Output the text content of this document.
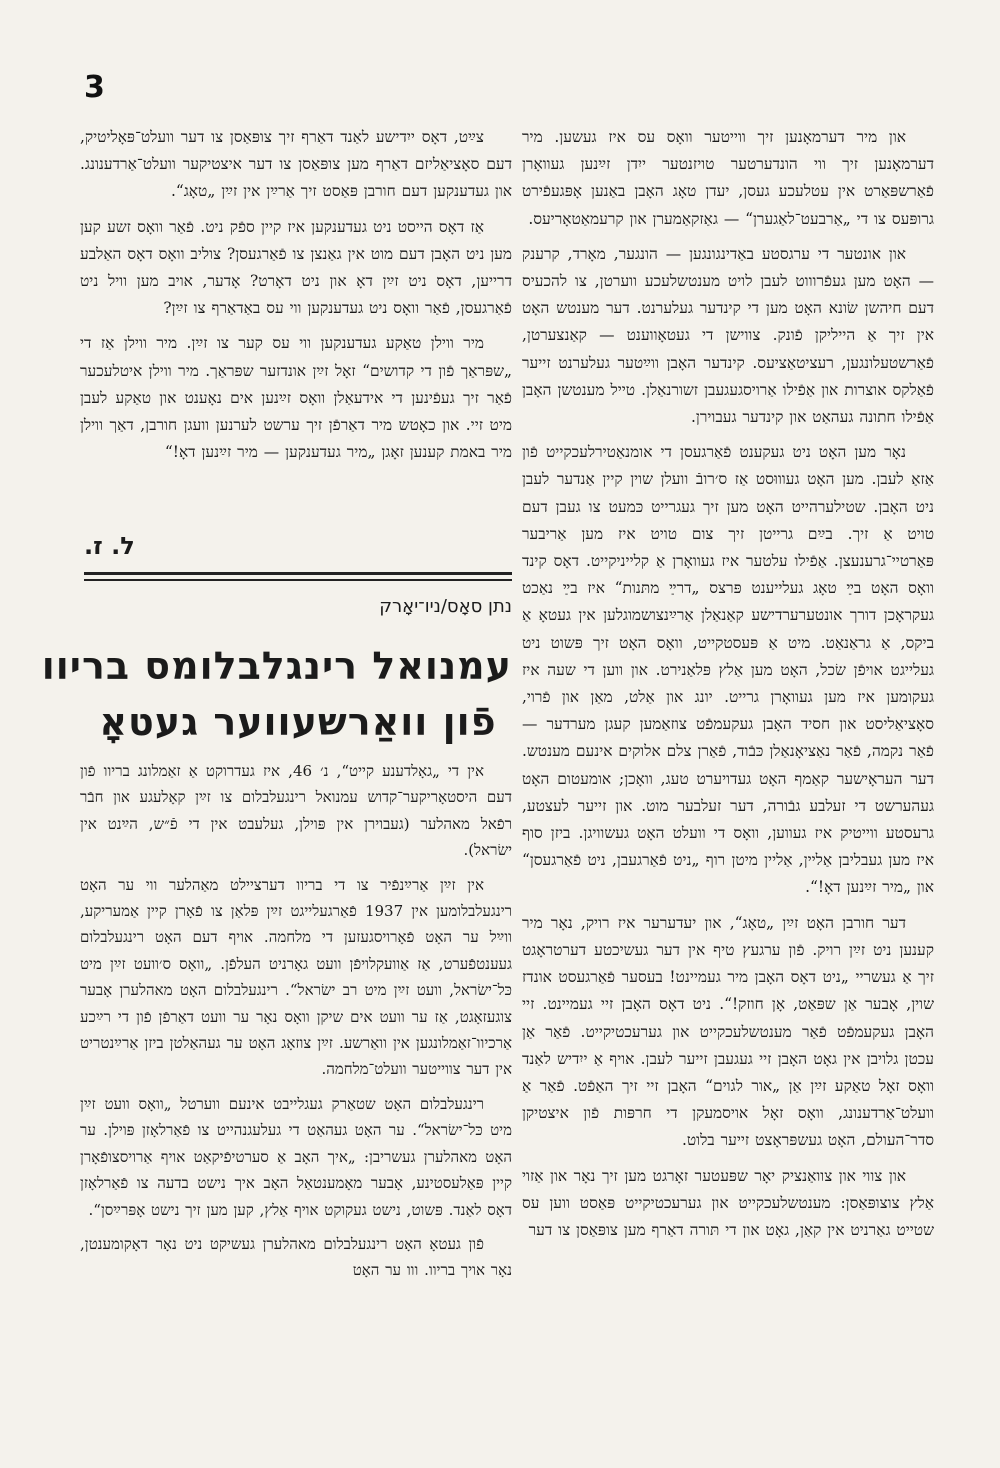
3

און מיר דערמאָנען זיך ווייטער וואָס עס איז געשען. מיר דערמאָנען זיך ווי הונדערטער טויזנטער ייִדן זײַנען געוואָרן פֿאַרשפּאַרט אין עטלעכע געסן, יעדן טאָג האָבן באַנען אָפּגעפֿירט גרופּעס צו די „אַרבעט־לאַגערן“ — גאַזקאַמערן און קרעמאַטאָריעס.

און אונטער די ערגסטע באַדינגונגען — הונגער, מאָרד, קרענק — האָט מען געפֿרוווט לעבן לויט מענטשלעכע ווערטן, צו להכעיס דעם חיהשן שׂונא האָט מען די קינדער געלערנט. דער מענטש האָט אין זיך אַ הייליקן פֿונק. צווישן די געטאָווענט — קאַנצערטן, פֿאַרשטעלונגען, רעציטאַציעס. קינדער האָבן ווײַטער געלערנט זייער פֿאַלקס אוצרות און אַפֿילו אַרויסגעגעבן זשורנאַלן. טייל מענטשן האָבן אַפֿילו חתונה געהאַט און קינדער געבוירן.

נאָר מען האָט ניט געקענט פֿאַרגעסן די אומנאַטירלעכקייט פֿון אַזאַ לעבן. מען האָט געוווּסט אַז ס׳רובֿ וועלן שוין קיין אַנדער לעבן ניט האָבן. שטילערהייט האָט מען זיך געגרייט כּמעט צו געבן דעם טויט אַ זיך. בײַם גרייטן זיך צום טויט איז מען אַריבער פּאַרטיי־גרענעצן. אַפֿילו עלטער איז געוואָרן אַ קלייניקייט. דאָס קינד וואָס האָט בײַ טאָג געלייענט פּרצס „דרײַ מתּנות“ איז בײַ נאַכט געקראָכן דורך אונטערערדישע קאַנאַלן אַרײַנצושמוגלען אין געטאָ אַ ביקס, אַ גראַנאַט. מיט אַ פּעסטקייט, וואָס האָט זיך פּשוט ניט געלייגט אויפֿן שׂכל, האָט מען אַלץ פּלאַנירט. און ווען די שעה איז געקומען איז מען געוואָרן גרייט. יונג און אַלט, מאַן און פֿרוי, סאָציאַליסט און חסיד האָבן געקעמפֿט צוזאַמען קעגן מערדער — פֿאַר נקמה, פֿאַר נאַציאָנאַלן כּבֿוד, פֿאַרן צלם אלוקים אינעם מענטש. דער העראָישער קאַמף האָט געדויערט טעג, וואָכן; אומעטום האָט געהערשט די זעלבע גבֿורה, דער זעלבער מוט. און זייער לעצטע, גרעסטע ווייטיק איז געווען, וואָס די וועלט האָט געשוויגן. ביזן סוף איז מען געבליבן אַליין, אַליין מיטן רוף „ניט פֿאַרגעבן, ניט פֿאַרגעסן“ און „מיר זײַנען דאָ!“.

דער חורבן האָט זײַן „טאָג“, און יעדערער איז רויק, נאָר מיר קענען ניט זײַן רויק. פֿון ערגעץ טיף אין דער געשיכטע דערטראָגט זיך אַ געשריי „ניט דאָס האָבן מיר געמיינט! בעסער פֿאַרגעסט אונדז שוין, אָבער אַן שפּאַט, אָן חוזק!“. ניט דאָס האָבן זיי געמיינט. זיי האָבן געקעמפֿט פֿאַר מענטשלעכקייט און גערעכטיקייט. פֿאַר אַן עכטן גלויבן אין גאָט האָבן זיי געגעבן זייער לעבן. אויף אַ ייִדיש לאַנד וואָס זאָל טאַקע זײַן אַן „אור לגוים“ האָבן זיי זיך האַפֿט. פֿאַר אַ וועלט־אַרדענונג, וואָס זאָל אויסמעקן די חרפּות פֿון איצטיקן סדר־העולם, האָט געשפּראָצט זייער בלוט.

און צווי און צוואַנציק יאָר שפּעטער זאָרגט מען זיך נאָר און אַזוי אַלץ צוצופּאַסן: מענטשלעכקייט און גערעכטיקייט פּאַסט ווען עס שטייט גאַרניט אין קאַן, גאָט און די תּורה דאַרף מען צופּאַסן צו דער

צײַט, דאָס ייִדישע לאַנד דאַרף זיך צופּאַסן צו דער וועלט־פּאָליטיק, דעם סאָציאַליזם דאַרף מען צופּאַסן צו דער איצטיקער וועלט־אַרדענונג. און געדענקען דעם חורבן פּאַסט זיך אַרײַן אין זײַן „טאָג“.

אַז דאָס הייסט ניט געדענקען איז קיין ספֿק ניט. פֿאַר וואָס זשע קען מען ניט האָבן דעם מוט אין גאַנצן צו פֿאַרגעסן? צוליב וואָס דאָס האַלבע דרייען, דאָס ניט זײַן דאָ און ניט דאָרט? אָדער, אויב מען וויל ניט פֿאַרגעסן, פֿאַר וואָס ניט געדענקען ווי עס באַדאַרף צו זײַן?

מיר ווילן טאַקע געדענקען ווי עס קער צו זײַן. מיר ווילן אַז די „שפּראַך פֿון די קדושים“ זאָל זײַן אונדזער שפּראַך. מיר ווילן איטלעכער פֿאַר זיך געפֿינען די אידעאַלן וואָס זײַנען אים נאָענט און טאַקע לעבן מיט זיי. און כאָטש מיר דאַרפֿן זיך ערשט לערנען וועגן חורבן, דאַך ווילן מיר באמת קענען זאָגן „מיר געדענקען — מיר זײַנען דאָ!“

ל. ז.
נתן סאָס/ניו־יאָרק
עמנואל רינגלבלומס בריוו
פֿון וואַרשעווער געטאָ

אין די „גאָלדענע קייט“, נ׳ 46, איז געדרוקט אַ זאַמלונג בריוו פֿון דעם היסטאָריקער־קדוש עמנואל רינגעלבלום צו זײַן קאָלעגע און חבֿר רפֿאל מאהלער (געבוירן אין פּוילן, געלעבט אין די פֿ״ש, הײַנט אין ישׂראל).

אין זײַן אַרײַנפֿיר צו די בריוו דערציילט מאַהלער ווי ער האָט רינגעלבלומען אין 1937 פֿאַרגעלייגט זײַן פּלאַן צו פֿאָרן קיין אַמעריקע, ווײַל ער האָט פֿאָרויסגעזען די מלחמה. אויף דעם האָט רינגעלבלום געענטפֿערט, אַז אַוועקלויפֿן וועט גאָרניט העלפֿן. „וואָס ס׳וועט זײַן מיט כּל־ישׂראל, וועט זײַן מיט רב ישׂראל“. רינגעלבלום האָט מאהלערן אָבער צוגעזאָגט, אַז ער וועט אים שיקן וואָס נאָר ער וועט דאַרפֿן פֿון די רײַכע אַרכיוו־זאַמלונגען אין וואַרשע. זײַן צוזאָג האָט ער געהאַלטן ביזן אַרײַנטריט אין דער צווייטער וועלט־מלחמה.

רינגעלבלום האָט שטאַרק געגלייבט אינעם ווערטל „וואָס וועט זײַן מיט כּל־ישׂראל“. ער האָט געהאַט די געלעגנהייט צו פֿאַרלאָזן פּוילן. ער האָט מאהלערן געשריבן: „איך האָב אַ סערטיפֿיקאַט אויף אַרויסצופֿאָרן קיין פּאַלעסטינע, אָבער מאָמענטאַל האָב איך נישט בדעה צו פֿאַרלאָזן דאָס לאַנד. פּשוט, נישט געקוקט אויף אַלץ, קען מען זיך נישט אָפּרײַסן“.

פֿון געטאָ האָט רינגעלבלום מאהלערן געשיקט ניט נאָר דאָקומענטן, נאָר אויך בריוו. ווו ער האָט
